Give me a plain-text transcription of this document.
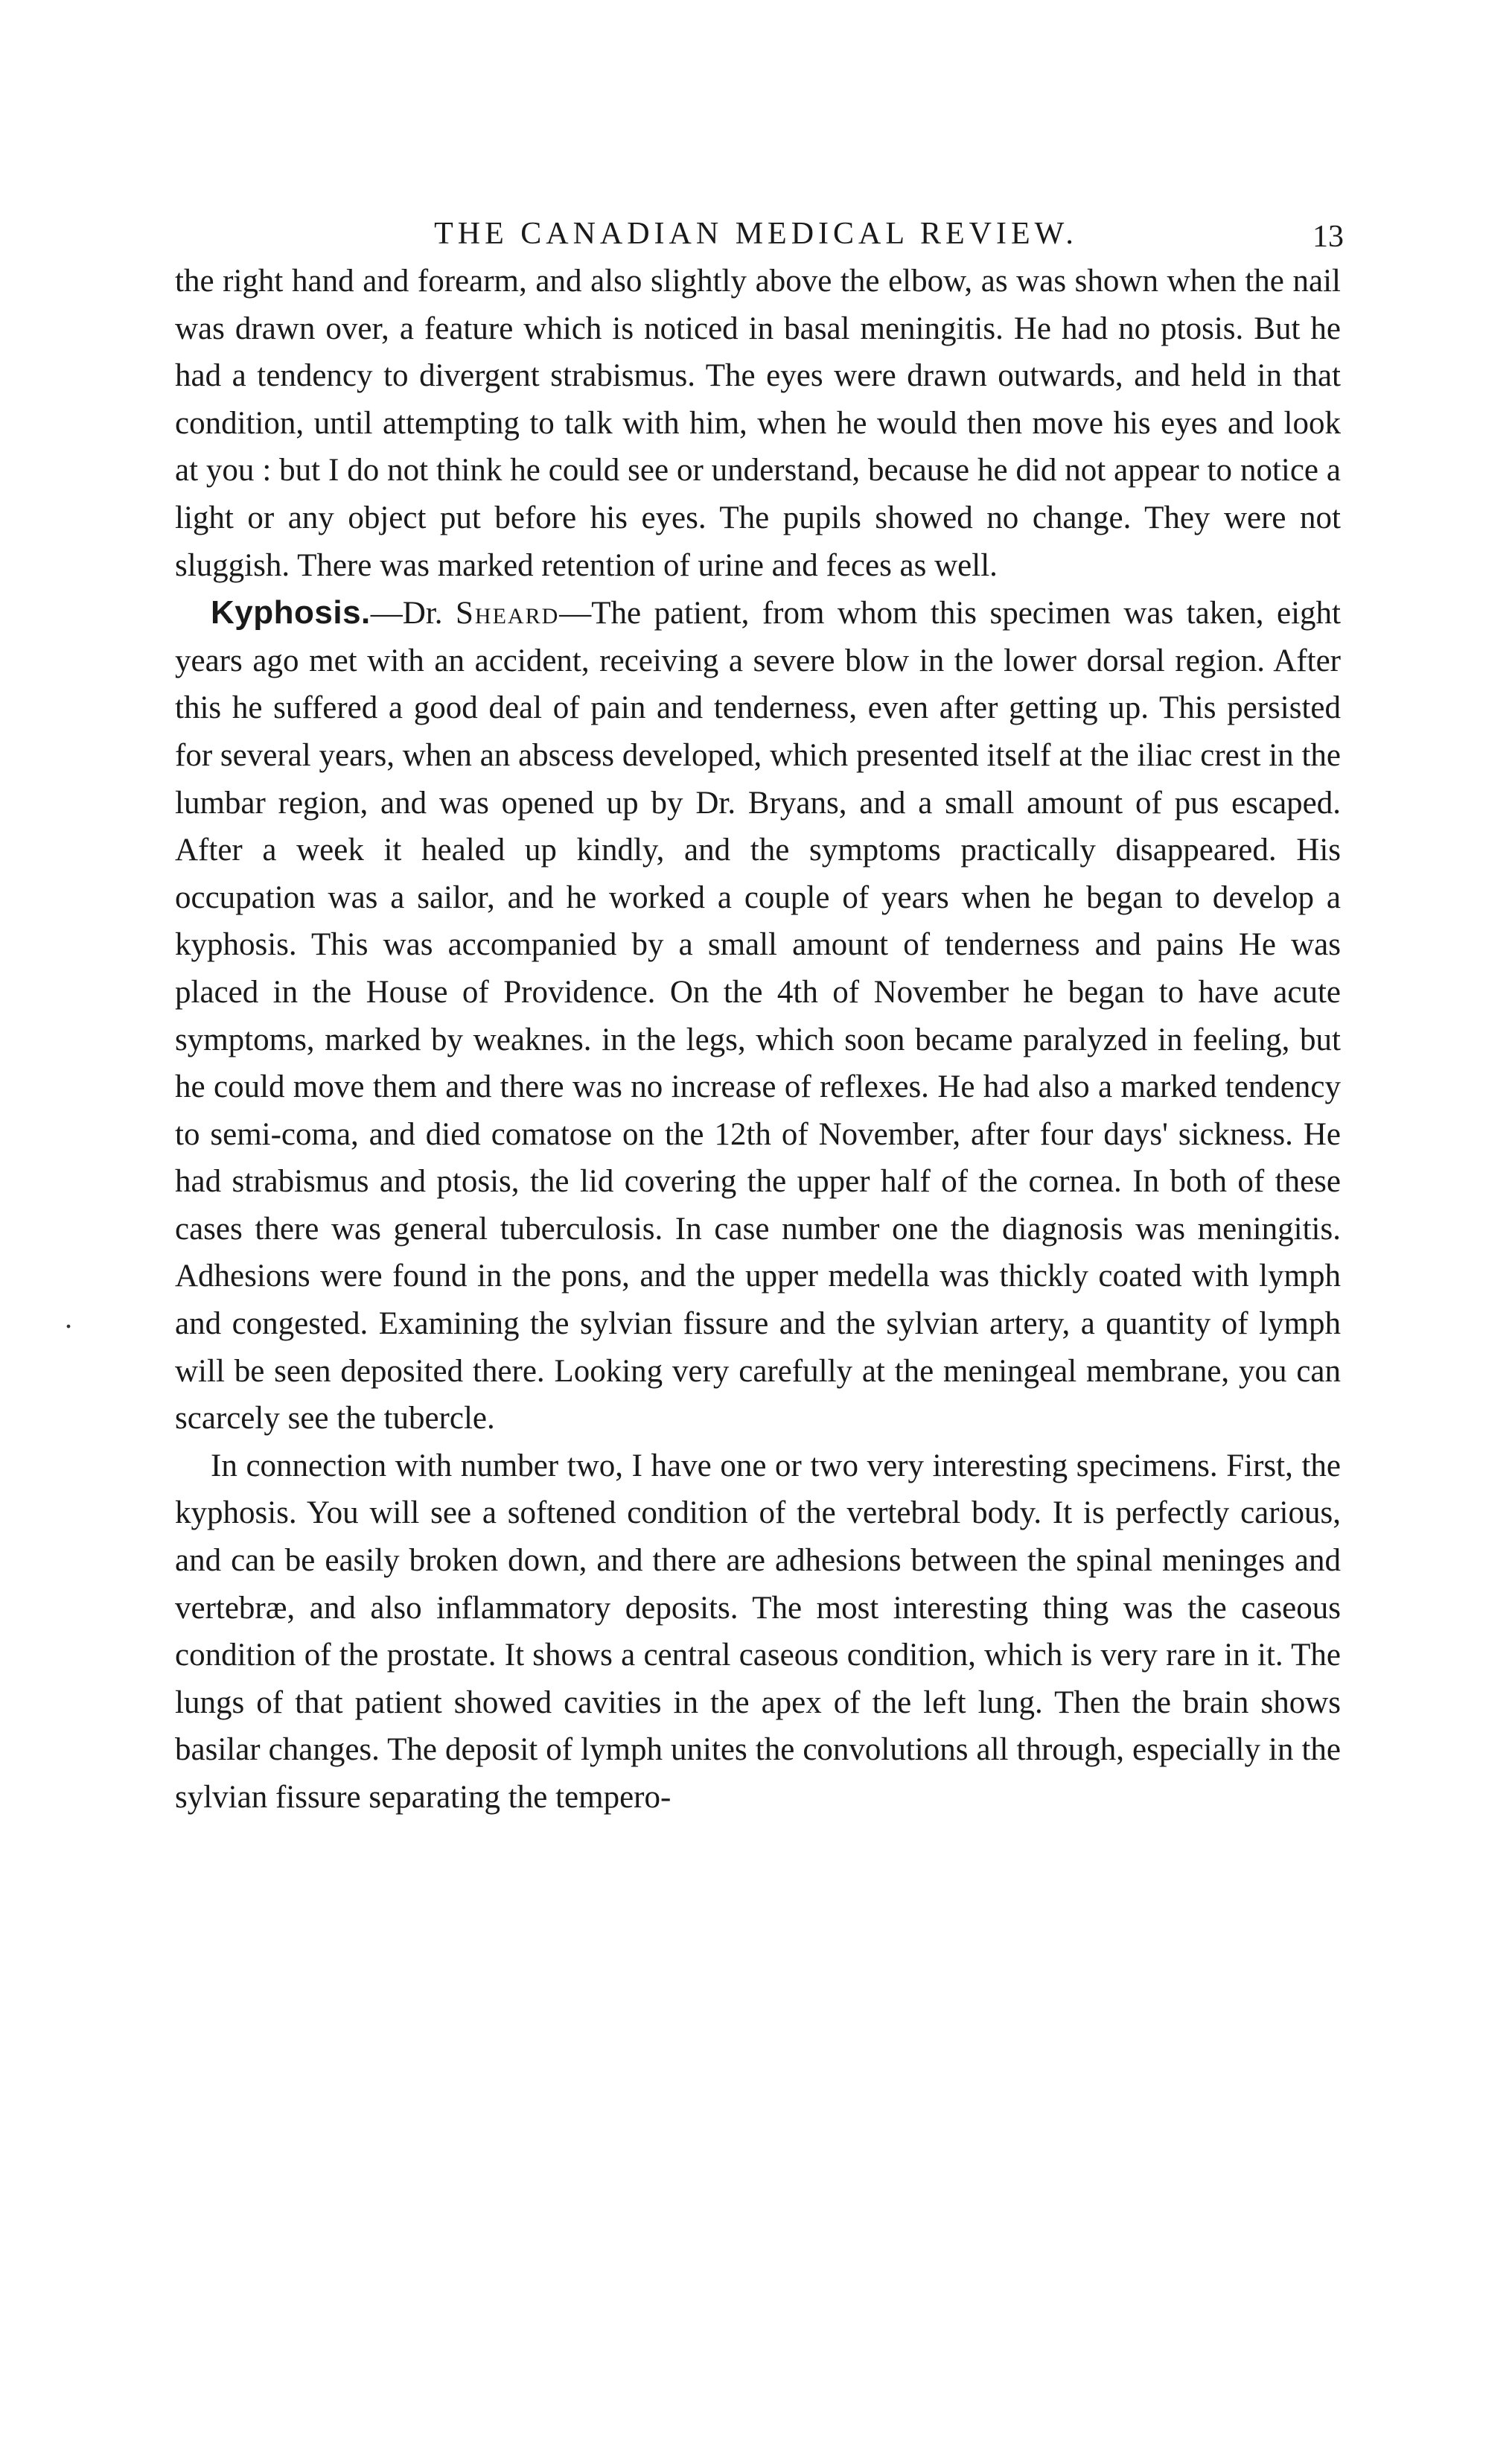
THE CANADIAN MEDICAL REVIEW.	13
.

the right hand and forearm, and also slightly above the elbow, as was shown when the nail was drawn over, a feature which is noticed in basal meningitis. He had no ptosis. But he had a tendency to divergent strabismus. The eyes were drawn outwards, and held in that condition, until attempting to talk with him, when he would then move his eyes and look at you : but I do not think he could see or understand, because he did not appear to notice a light or any object put before his eyes. The pupils showed no change. They were not sluggish. There was marked retention of urine and feces as well.

Kyphosis.—Dr. Sheard—The patient, from whom this specimen was taken, eight years ago met with an accident, receiving a severe blow in the lower dorsal region. After this he suffered a good deal of pain and tenderness, even after getting up. This persisted for several years, when an abscess developed, which presented itself at the iliac crest in the lumbar region, and was opened up by Dr. Bryans, and a small amount of pus escaped. After a week it healed up kindly, and the symptoms practically disappeared. His occupation was a sailor, and he worked a couple of years when he began to develop a kyphosis. This was accompanied by a small amount of tenderness and pains He was placed in the House of Providence. On the 4th of November he began to have acute symptoms, marked by weaknes. in the legs, which soon became paralyzed in feeling, but he could move them and there was no increase of reflexes. He had also a marked tendency to semi-coma, and died comatose on the 12th of November, after four days' sickness. He had strabismus and ptosis, the lid covering the upper half of the cornea. In both of these cases there was general tuberculosis. In case number one the diagnosis was meningitis. Adhesions were found in the pons, and the upper medella was thickly coated with lymph and congested. Examining the sylvian fissure and the sylvian artery, a quantity of lymph will be seen deposited there. Looking very carefully at the meningeal membrane, you can scarcely see the tubercle.

In connection with number two, I have one or two very interesting specimens. First, the kyphosis. You will see a softened condition of the vertebral body. It is perfectly carious, and can be easily broken down, and there are adhesions between the spinal meninges and vertebræ, and also inflammatory deposits. The most interesting thing was the caseous condition of the prostate. It shows a central caseous condition, which is very rare in it. The lungs of that patient showed cavities in the apex of the left lung. Then the brain shows basilar changes. The deposit of lymph unites the convolutions all through, especially in the sylvian fissure separating the tempero-
